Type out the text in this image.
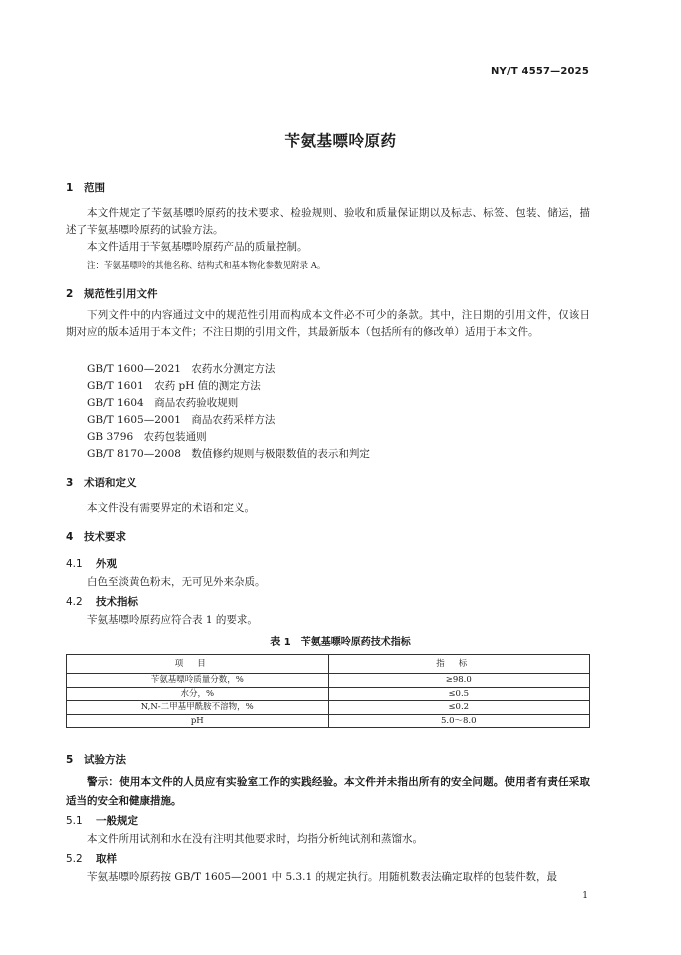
NY/T 4557—2025
苄氨基嘌呤原药
1 范围
本文件规定了苄氨基嘌呤原药的技术要求、检验规则、验收和质量保证期以及标志、标签、包装、储运，描述了苄氨基嘌呤原药的试验方法。
本文件适用于苄氨基嘌呤原药产品的质量控制。
注：苄氨基嘌呤的其他名称、结构式和基本物化参数见附录 A。
2 规范性引用文件
下列文件中的内容通过文中的规范性引用而构成本文件必不可少的条款。其中，注日期的引用文件，仅该日期对应的版本适用于本文件；不注日期的引用文件，其最新版本（包括所有的修改单）适用于本文件。
GB/T 1600—2021　农药水分测定方法
GB/T 1601　农药 pH 值的测定方法
GB/T 1604　商品农药验收规则
GB/T 1605—2001　商品农药采样方法
GB 3796　农药包装通则
GB/T 8170—2008　数值修约规则与极限数值的表示和判定
3 术语和定义
本文件没有需要界定的术语和定义。
4 技术要求
4.1 外观
白色至淡黄色粉末，无可见外来杂质。
4.2 技术指标
苄氨基嘌呤原药应符合表 1 的要求。
表 1　苄氨基嘌呤原药技术指标
项目	指标
苄氨基嘌呤质量分数，%	≥98.0
水分，%	≤0.5
N,N-二甲基甲酰胺不溶物，%	≤0.2
pH	5.0～8.0
5 试验方法
警示：使用本文件的人员应有实验室工作的实践经验。本文件并未指出所有的安全问题。使用者有责任采取适当的安全和健康措施。
5.1 一般规定
本文件所用试剂和水在没有注明其他要求时，均指分析纯试剂和蒸馏水。
5.2 取样
苄氨基嘌呤原药按 GB/T 1605—2001 中 5.3.1 的规定执行。用随机数表法确定取样的包装件数，最
1
